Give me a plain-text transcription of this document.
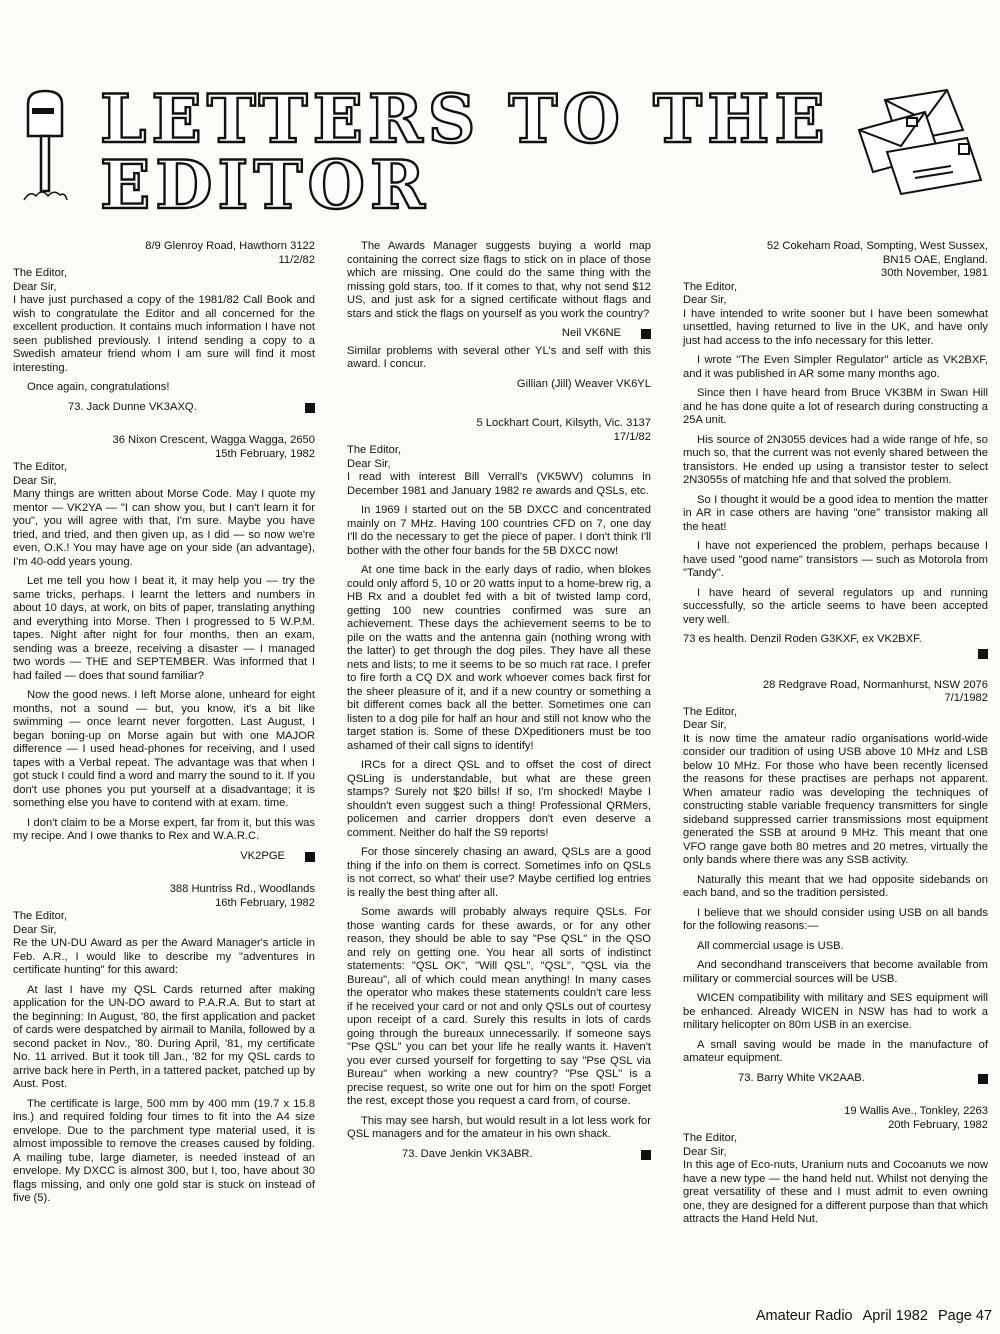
LETTERS TO THE
EDITOR
8/9 Glenroy Road, Hawthorn 3122
11/2/82
The Editor,
Dear Sir,

I have just purchased a copy of the 1981/82 Call Book and wish to congratulate the Editor and all concerned for the excellent production. It contains much information I have not seen published previously. I intend sending a copy to a Swedish amateur friend whom I am sure will find it most interesting.

Once again, congratulations!

73. Jack Dunne VK3AXQ.
36 Nixon Crescent, Wagga Wagga, 2650
15th February, 1982
The Editor,
Dear Sir,

Many things are written about Morse Code. May I quote my mentor — VK2YA — "I can show you, but I can't learn it for you", you will agree with that, I'm sure. Maybe you have tried, and tried, and then given up, as I did — so now we're even, O.K.! You may have age on your side (an advantage), I'm 40-odd years young.

Let me tell you how I beat it, it may help you — try the same tricks, perhaps. I learnt the letters and numbers in about 10 days, at work, on bits of paper, translating anything and everything into Morse. Then I progressed to 5 W.P.M. tapes. Night after night for four months, then an exam, sending was a breeze, receiving a disaster — I managed two words — THE and SEPTEMBER. Was informed that I had failed — does that sound familiar?

Now the good news. I left Morse alone, unheard for eight months, not a sound — but, you know, it's a bit like swimming — once learnt never forgotten. Last August, I began boning-up on Morse again but with one MAJOR difference — I used head-phones for receiving, and I used tapes with a Verbal repeat. The advantage was that when I got stuck I could find a word and marry the sound to it. If you don't use phones you put yourself at a disadvantage; it is something else you have to contend with at exam. time.

I don't claim to be a Morse expert, far from it, but this was my recipe. And I owe thanks to Rex and W.A.R.C.

VK2PGE
388 Huntriss Rd., Woodlands
16th February, 1982
The Editor,
Dear Sir,

Re the UN-DU Award as per the Award Manager's article in Feb. A.R., I would like to describe my "adventures in certificate hunting" for this award:

At last I have my QSL Cards returned after making application for the UN-DO award to P.A.R.A. But to start at the beginning: In August, '80, the first application and packet of cards were despatched by airmail to Manila, followed by a second packet in Nov., '80. During April, '81, my certificate No. 11 arrived. But it took till Jan., '82 for my QSL cards to arrive back here in Perth, in a tattered packet, patched up by Aust. Post.

The certificate is large, 500 mm by 400 mm (19.7 x 15.8 ins.) and required folding four times to fit into the A4 size envelope. Due to the parchment type material used, it is almost impossible to remove the creases caused by folding. A mailing tube, large diameter, is needed instead of an envelope. My DXCC is almost 300, but I, too, have about 30 flags missing, and only one gold star is stuck on instead of five (5).

The Awards Manager suggests buying a world map containing the correct size flags to stick on in place of those which are missing. One could do the same thing with the missing gold stars, too. If it comes to that, why not send $12 US, and just ask for a signed certificate without flags and stars and stick the flags on yourself as you work the country?

Neil VK6NE

Similar problems with several other YL's and self with this award. I concur.

Gillian (Jill) Weaver VK6YL
5 Lockhart Court, Kilsyth, Vic. 3137
17/1/82
The Editor,
Dear Sir,

I read with interest Bill Verrall's (VK5WV) columns in December 1981 and January 1982 re awards and QSLs, etc.

In 1969 I started out on the 5B DXCC and concentrated mainly on 7 MHz. Having 100 countries CFD on 7, one day I'll do the necessary to get the piece of paper. I don't think I'll bother with the other four bands for the 5B DXCC now!

At one time back in the early days of radio, when blokes could only afford 5, 10 or 20 watts input to a home-brew rig, a HB Rx and a doublet fed with a bit of twisted lamp cord, getting 100 new countries confirmed was sure an achievement. These days the achievement seems to be to pile on the watts and the antenna gain (nothing wrong with the latter) to get through the dog piles. They have all these nets and lists; to me it seems to be so much rat race. I prefer to fire forth a CQ DX and work whoever comes back first for the sheer pleasure of it, and if a new country or something a bit different comes back all the better. Sometimes one can listen to a dog pile for half an hour and still not know who the target station is. Some of these DXpeditioners must be too ashamed of their call signs to identify!

IRCs for a direct QSL and to offset the cost of direct QSLing is understandable, but what are these green stamps? Surely not $20 bills! If so, I'm shocked! Maybe I shouldn't even suggest such a thing! Professional QRMers, policemen and carrier droppers don't even deserve a comment. Neither do half the S9 reports!

For those sincerely chasing an award, QSLs are a good thing if the info on them is correct. Sometimes info on QSLs is not correct, so what' their use? Maybe certified log entries is really the best thing after all.

Some awards will probably always require QSLs. For those wanting cards for these awards, or for any other reason, they should be able to say "Pse QSL" in the QSO and rely on getting one. You hear all sorts of indistinct statements: "QSL OK", "Will QSL", "QSL", "QSL via the Bureau", all of which could mean anything! In many cases the operator who makes these statements couldn't care less if he received your card or not and only QSLs out of courtesy upon receipt of a card. Surely this results in lots of cards going through the bureaux unnecessarily. If someone says "Pse QSL" you can bet your life he really wants it. Haven't you ever cursed yourself for forgetting to say "Pse QSL via Bureau" when working a new country? "Pse QSL" is a precise request, so write one out for him on the spot! Forget the rest, except those you request a card from, of course.

This may see harsh, but would result in a lot less work for QSL managers and for the amateur in his own shack.

73. Dave Jenkin VK3ABR.
52 Cokeham Road, Sompting, West Sussex,
BN15 OAE, England.
30th November, 1981
The Editor,
Dear Sir,

I have intended to write sooner but I have been somewhat unsettled, having returned to live in the UK, and have only just had access to the info necessary for this letter.

I wrote "The Even Simpler Regulator" article as VK2BXF, and it was published in AR some many months ago.

Since then I have heard from Bruce VK3BM in Swan Hill and he has done quite a lot of research during constructing a 25A unit.

His source of 2N3055 devices had a wide range of hfe, so much so, that the current was not evenly shared between the transistors. He ended up using a transistor tester to select 2N3055s of matching hfe and that solved the problem.

So I thought it would be a good idea to mention the matter in AR in case others are having "one" transistor making all the heat!

I have not experienced the problem, perhaps because I have used "good name" transistors — such as Motorola from "Tandy".

I have heard of several regulators up and running successfully, so the article seems to have been accepted very well.

73 es health. Denzil Roden G3KXF, ex VK2BXF.
28 Redgrave Road, Normanhurst, NSW 2076
7/1/1982
The Editor,
Dear Sir,

It is now time the amateur radio organisations world-wide consider our tradition of using USB above 10 MHz and LSB below 10 MHz. For those who have been recently licensed the reasons for these practises are perhaps not apparent. When amateur radio was developing the techniques of constructing stable variable frequency transmitters for single sideband suppressed carrier transmissions most equipment generated the SSB at around 9 MHz. This meant that one VFO range gave both 80 metres and 20 metres, virtually the only bands where there was any SSB activity.

Naturally this meant that we had opposite sidebands on each band, and so the tradition persisted.

I believe that we should consider using USB on all bands for the following reasons:—

All commercial usage is USB.

And secondhand transceivers that become available from military or commercial sources will be USB.

WICEN compatibility with military and SES equipment will be enhanced. Already WICEN in NSW has had to work a military helicopter on 80m USB in an exercise.

A small saving would be made in the manufacture of amateur equipment.

73. Barry White VK2AAB.
19 Wallis Ave., Tonkley, 2263
20th February, 1982
The Editor,
Dear Sir,

In this age of Eco-nuts, Uranium nuts and Cocoanuts we now have a new type — the hand held nut. Whilst not denying the great versatility of these and I must admit to even owning one, they are designed for a different purpose than that which attracts the Hand Held Nut.

Amateur Radio April 1982 Page 47
